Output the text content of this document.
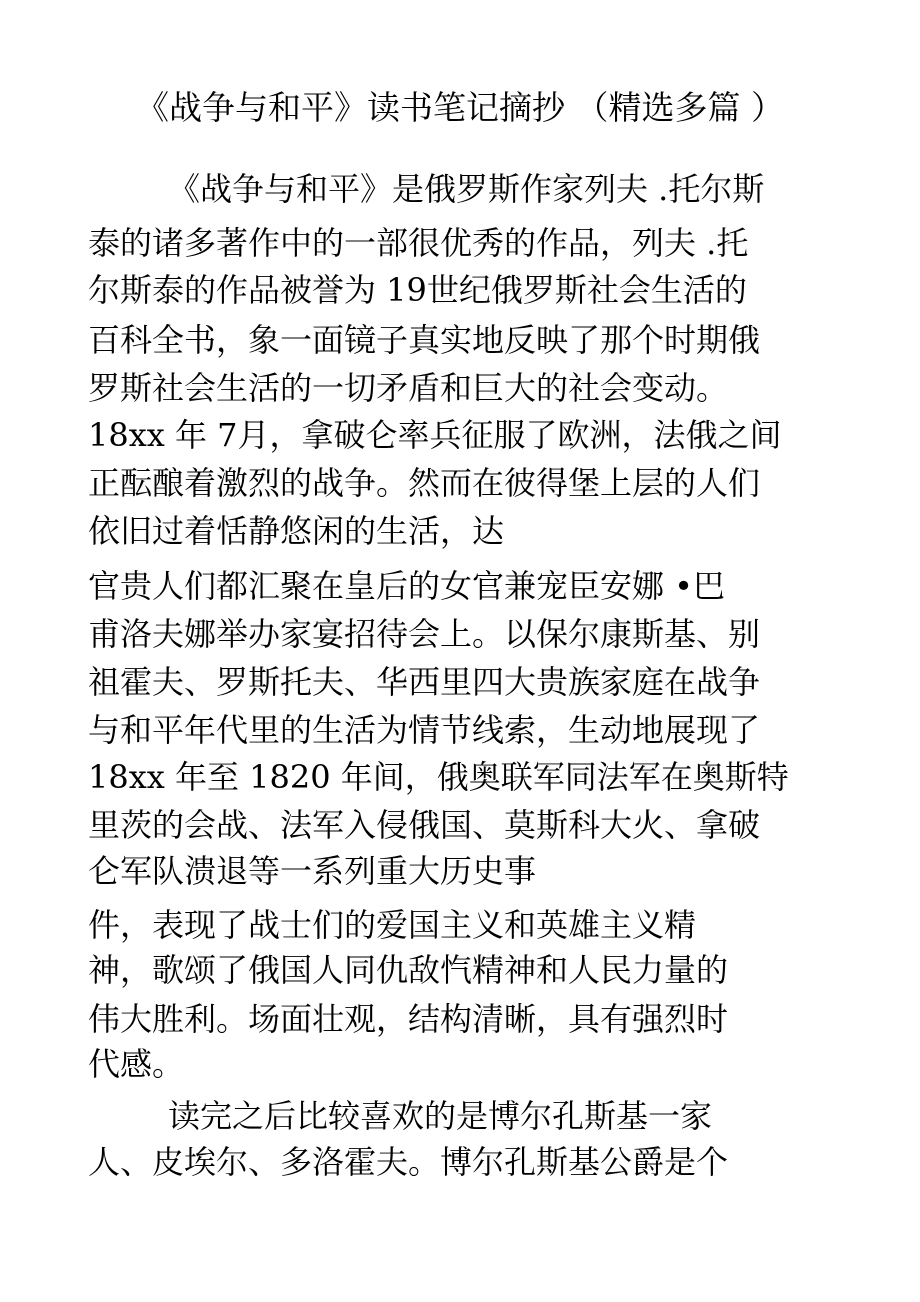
《战争与和平》读书笔记摘抄 （精选多篇 ）
《战争与和平》是俄罗斯作家列夫 .托尔斯
泰的诸多著作中的一部很优秀的作品，列夫 .托
尔斯泰的作品被誉为 19世纪俄罗斯社会生活的
百科全书，象一面镜子真实地反映了那个时期俄
罗斯社会生活的一切矛盾和巨大的社会变动。
18xx 年 7月，拿破仑率兵征服了欧洲，法俄之间
正酝酿着激烈的战争。然而在彼得堡上层的人们
依旧过着恬静悠闲的生活，达
官贵人们都汇聚在皇后的女官兼宠臣安娜 •巴
甫洛夫娜举办家宴招待会上。以保尔康斯基、别
祖霍夫、罗斯托夫、华西里四大贵族家庭在战争
与和平年代里的生活为情节线索，生动地展现了
18xx 年至 1820 年间，俄奥联军同法军在奥斯特
里茨的会战、法军入侵俄国、莫斯科大火、拿破
仑军队溃退等一系列重大历史事
件，表现了战士们的爱国主义和英雄主义精
神，歌颂了俄国人同仇敌忾精神和人民力量的
伟大胜利。场面壮观，结构清晰，具有强烈时
代感。
读完之后比较喜欢的是博尔孔斯基一家
人、皮埃尔、多洛霍夫。博尔孔斯基公爵是个
